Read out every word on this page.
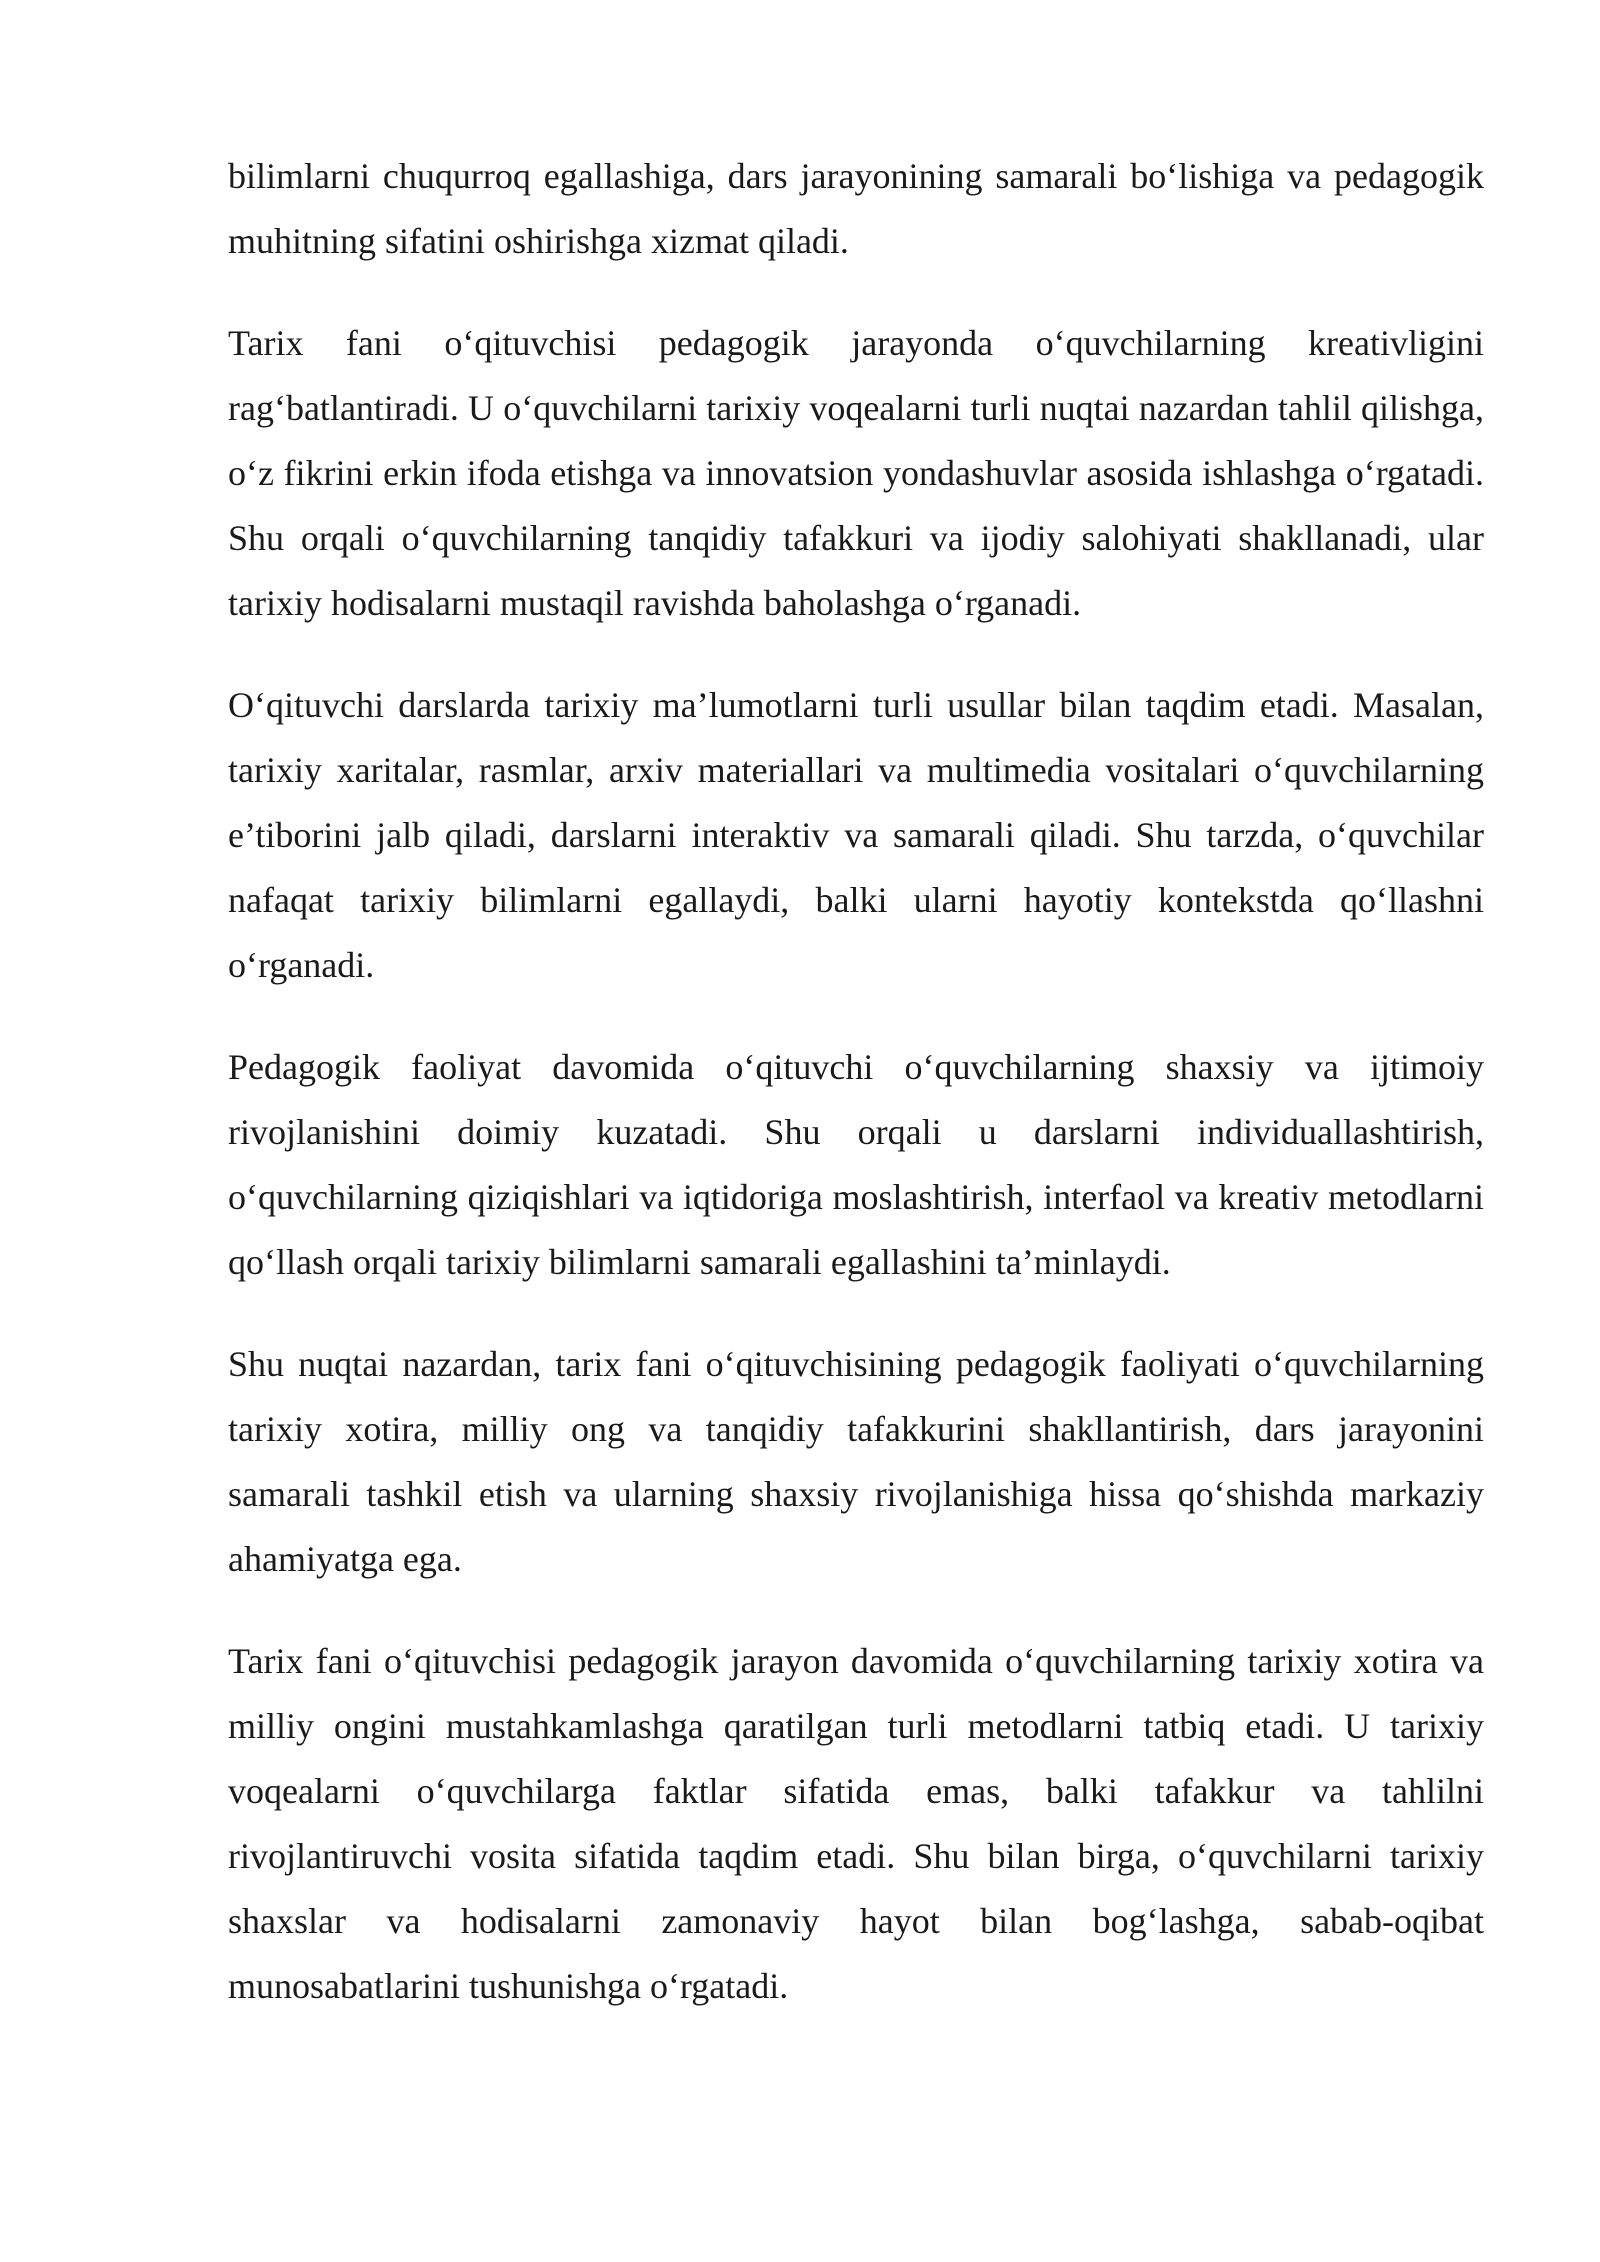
bilimlarni chuqurroq egallashiga, dars jarayonining samarali bo‘lishiga va pedagogik muhitning sifatini oshirishga xizmat qiladi.

Tarix fani o‘qituvchisi pedagogik jarayonda o‘quvchilarning kreativligini rag‘batlantiradi. U o‘quvchilarni tarixiy voqealarni turli nuqtai nazardan tahlil qilishga, o‘z fikrini erkin ifoda etishga va innovatsion yondashuvlar asosida ishlashga o‘rgatadi. Shu orqali o‘quvchilarning tanqidiy tafakkuri va ijodiy salohiyati shakllanadi, ular tarixiy hodisalarni mustaqil ravishda baholashga o‘rganadi.

O‘qituvchi darslarda tarixiy ma’lumotlarni turli usullar bilan taqdim etadi. Masalan, tarixiy xaritalar, rasmlar, arxiv materiallari va multimedia vositalari o‘quvchilarning e’tiborini jalb qiladi, darslarni interaktiv va samarali qiladi. Shu tarzda, o‘quvchilar nafaqat tarixiy bilimlarni egallaydi, balki ularni hayotiy kontekstda qo‘llashni o‘rganadi.

Pedagogik faoliyat davomida o‘qituvchi o‘quvchilarning shaxsiy va ijtimoiy rivojlanishini doimiy kuzatadi. Shu orqali u darslarni individuallashtirish, o‘quvchilarning qiziqishlari va iqtidoriga moslashtirish, interfaol va kreativ metodlarni qo‘llash orqali tarixiy bilimlarni samarali egallashini ta’minlaydi.

Shu nuqtai nazardan, tarix fani o‘qituvchisining pedagogik faoliyati o‘quvchilarning tarixiy xotira, milliy ong va tanqidiy tafakkurini shakllantirish, dars jarayonini samarali tashkil etish va ularning shaxsiy rivojlanishiga hissa qo‘shishda markaziy ahamiyatga ega.

Tarix fani o‘qituvchisi pedagogik jarayon davomida o‘quvchilarning tarixiy xotira va milliy ongini mustahkamlashga qaratilgan turli metodlarni tatbiq etadi. U tarixiy voqealarni o‘quvchilarga faktlar sifatida emas, balki tafakkur va tahlilni rivojlantiruvchi vosita sifatida taqdim etadi. Shu bilan birga, o‘quvchilarni tarixiy shaxslar va hodisalarni zamonaviy hayot bilan bog‘lashga, sabab-oqibat munosabatlarini tushunishga o‘rgatadi.
